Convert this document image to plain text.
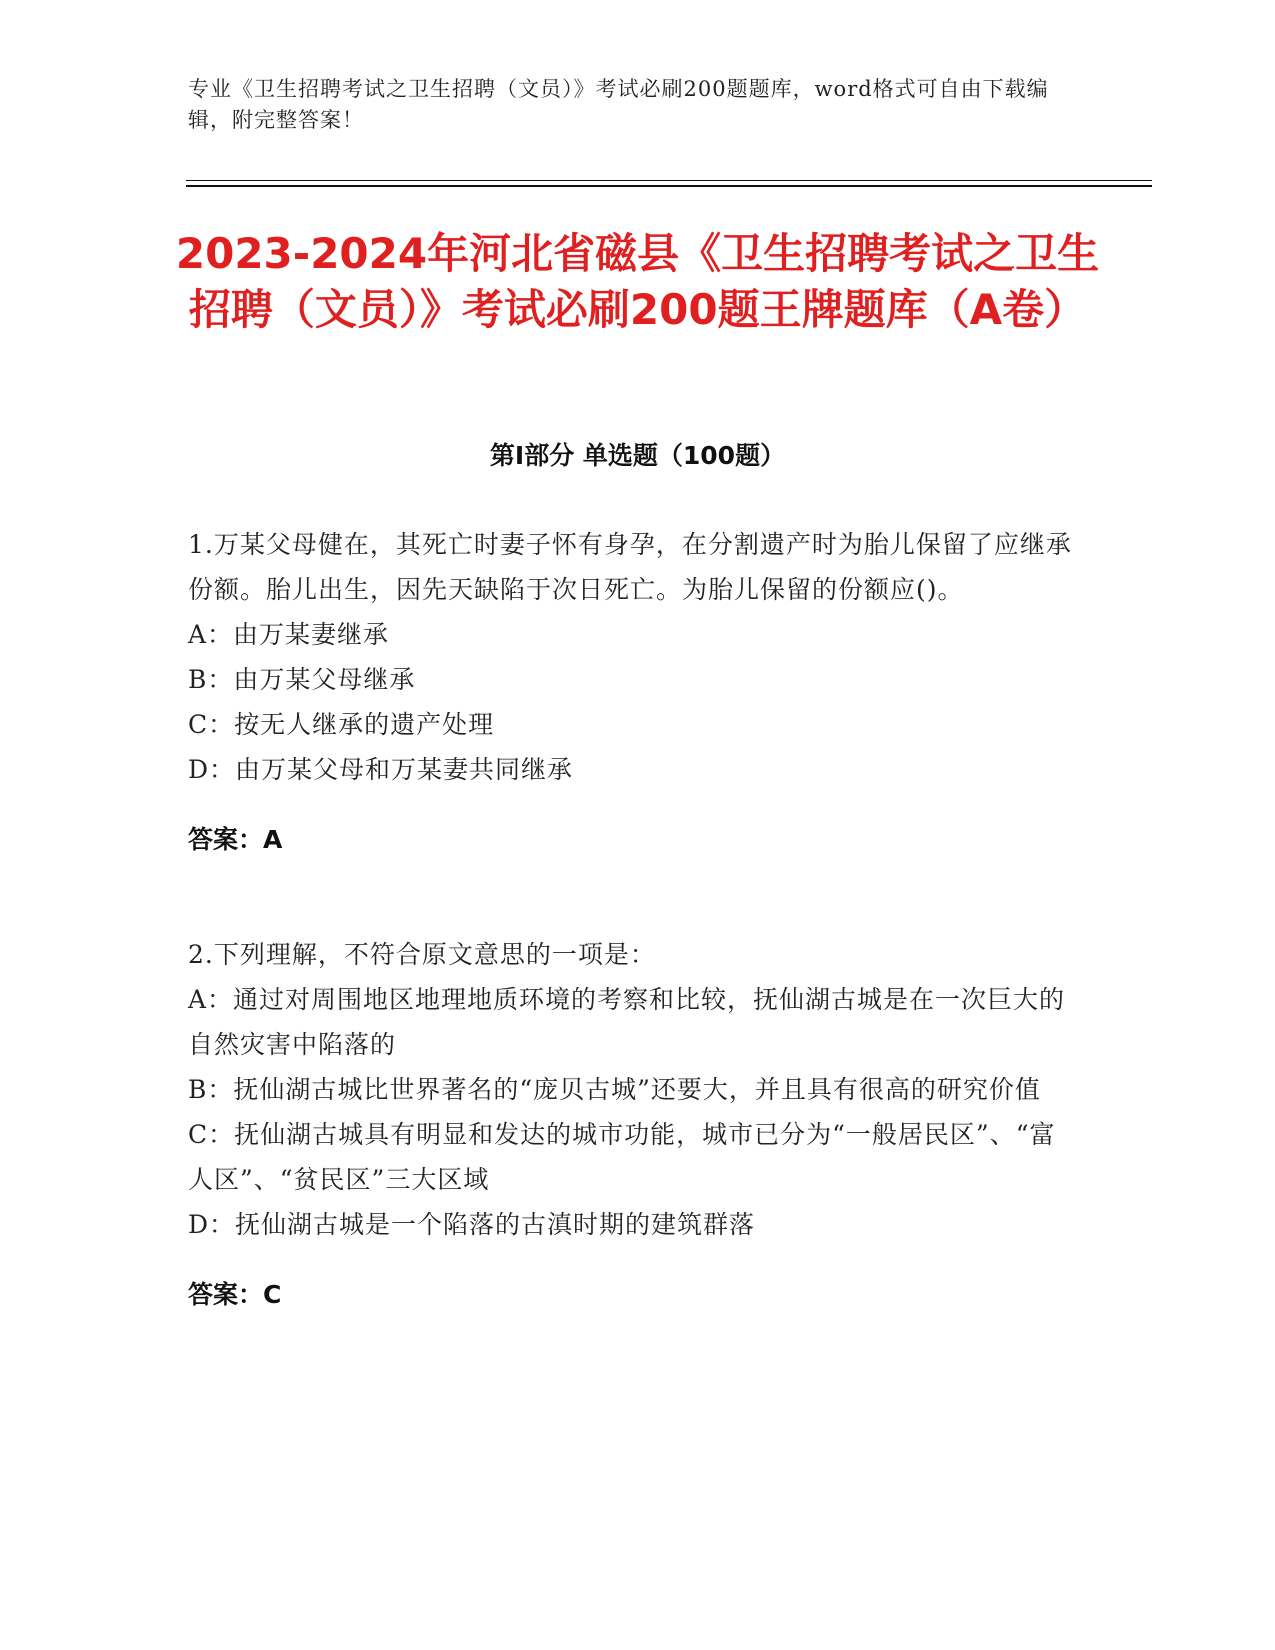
专业《卫生招聘考试之卫生招聘（文员）》考试必刷200题题库，word格式可自由下载编辑，附完整答案！
2023-2024年河北省磁县《卫生招聘考试之卫生招聘（文员）》考试必刷200题王牌题库（A卷）
第Ⅰ部分 单选题（100题）

1.万某父母健在，其死亡时妻子怀有身孕，在分割遗产时为胎儿保留了应继承份额。胎儿出生，因先天缺陷于次日死亡。为胎儿保留的份额应()。

A：由万某妻继承

B：由万某父母继承

C：按无人继承的遗产处理

D：由万某父母和万某妻共同继承

答案：A

2.下列理解，不符合原文意思的一项是：

A：通过对周围地区地理地质环境的考察和比较，抚仙湖古城是在一次巨大的自然灾害中陷落的

B：抚仙湖古城比世界著名的“庞贝古城”还要大，并且具有很高的研究价值

C：抚仙湖古城具有明显和发达的城市功能，城市已分为“一般居民区”、“富人区”、“贫民区”三大区域

D：抚仙湖古城是一个陷落的古滇时期的建筑群落

答案：C
